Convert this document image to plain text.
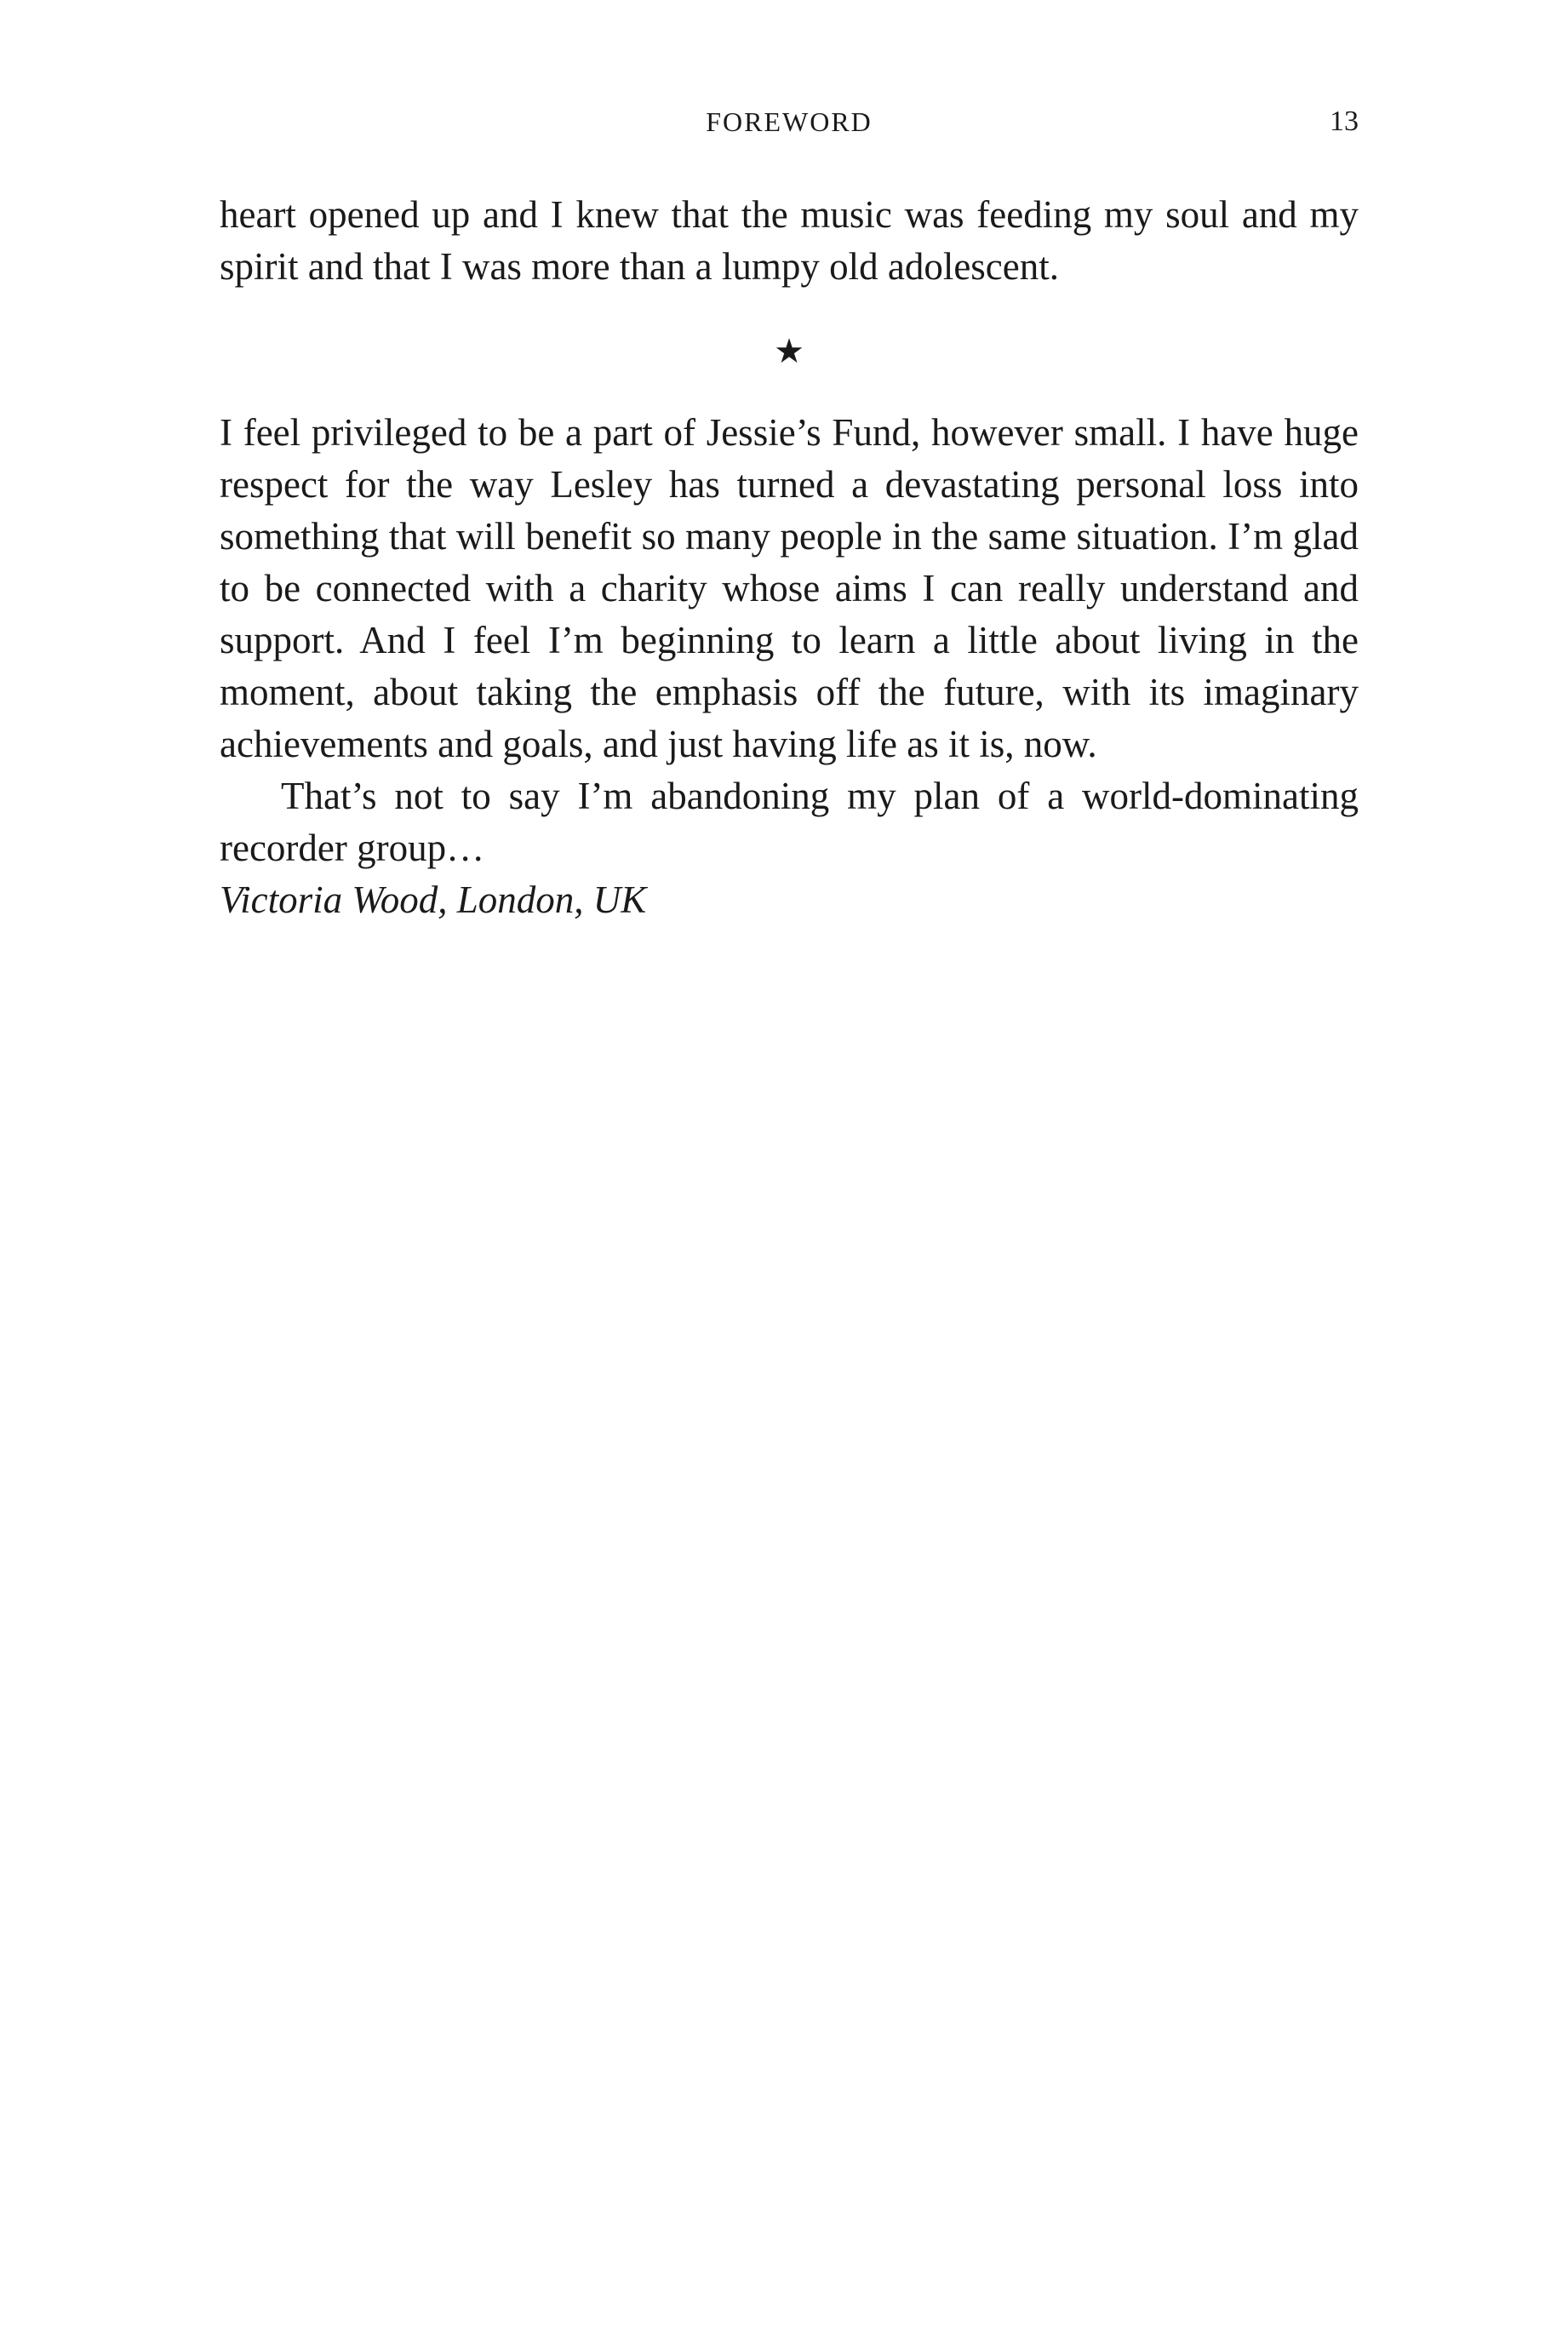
FOREWORD	13

heart opened up and I knew that the music was feeding my soul and my spirit and that I was more than a lumpy old adolescent.

★

I feel privileged to be a part of Jessie’s Fund, however small. I have huge respect for the way Lesley has turned a devastating personal loss into something that will benefit so many people in the same situation. I’m glad to be connected with a charity whose aims I can really understand and support. And I feel I’m beginning to learn a little about living in the moment, about taking the emphasis off the future, with its imaginary achievements and goals, and just having life as it is, now.

That’s not to say I’m abandoning my plan of a world-dominating recorder group…

Victoria Wood, London, UK
